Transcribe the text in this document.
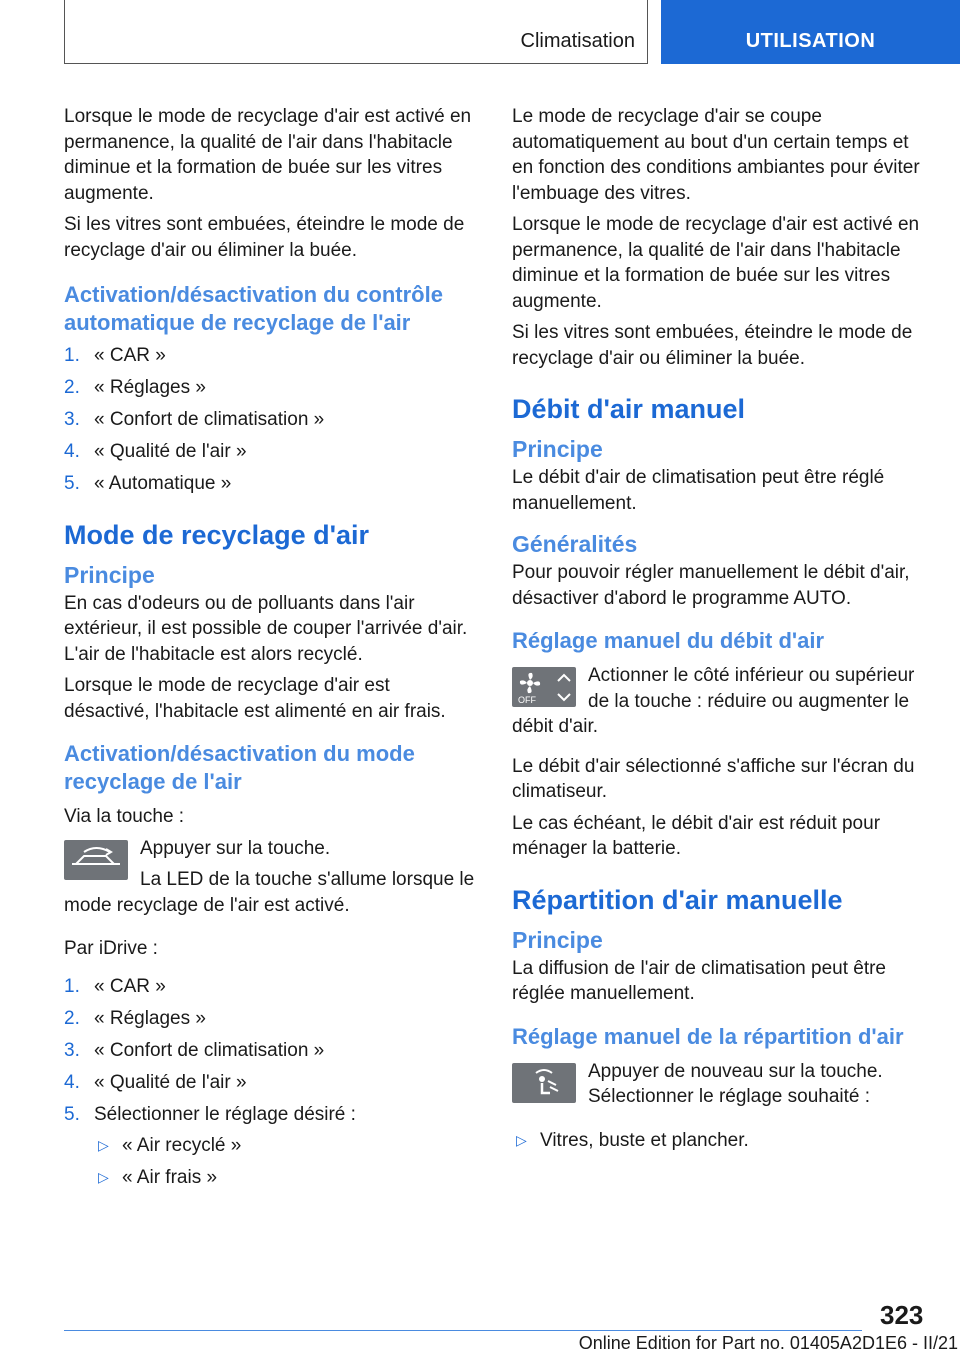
Climatisation	UTILISATION

Lorsque le mode de recyclage d'air est activé en permanence, la qualité de l'air dans l'habitacle diminue et la formation de buée sur les vitres augmente.

Si les vitres sont embuées, éteindre le mode de recyclage d'air ou éliminer la buée.

Activation/désactivation du contrôle automatique de recyclage de l'air
1. « CAR »
2. « Réglages »
3. « Confort de climatisation »
4. « Qualité de l'air »
5. « Automatique »
Mode de recyclage d'air
Principe

En cas d'odeurs ou de polluants dans l'air extérieur, il est possible de couper l'arrivée d'air. L'air de l'habitacle est alors recyclé.

Lorsque le mode de recyclage d'air est désactivé, l'habitacle est alimenté en air frais.

Activation/désactivation du mode recyclage de l'air

Via la touche :

Appuyer sur la touche.

La LED de la touche s'allume lorsque le mode recyclage de l'air est activé.

Par iDrive :

1. « CAR »
2. « Réglages »
3. « Confort de climatisation »
4. « Qualité de l'air »
5. Sélectionner le réglage désiré :
▷ « Air recyclé »
▷ « Air frais »

Le mode de recyclage d'air se coupe automatiquement au bout d'un certain temps et en fonction des conditions ambiantes pour éviter l'embuage des vitres.

Lorsque le mode de recyclage d'air est activé en permanence, la qualité de l'air dans l'habitacle diminue et la formation de buée sur les vitres augmente.

Si les vitres sont embuées, éteindre le mode de recyclage d'air ou éliminer la buée.

Débit d'air manuel
Principe

Le débit d'air de climatisation peut être réglé manuellement.

Généralités

Pour pouvoir régler manuellement le débit d'air, désactiver d'abord le programme AUTO.

Réglage manuel du débit d'air
OFF

Actionner le côté inférieur ou supérieur de la touche : réduire ou augmenter le débit d'air.

Le débit d'air sélectionné s'affiche sur l'écran du climatiseur.

Le cas échéant, le débit d'air est réduit pour ménager la batterie.

Répartition d'air manuelle
Principe

La diffusion de l'air de climatisation peut être réglée manuellement.

Réglage manuel de la répartition d'air

Appuyer de nouveau sur la touche. Sélectionner le réglage souhaité :

▷ Vitres, buste et plancher.
323
Online Edition for Part no. 01405A2D1E6 - II/21
